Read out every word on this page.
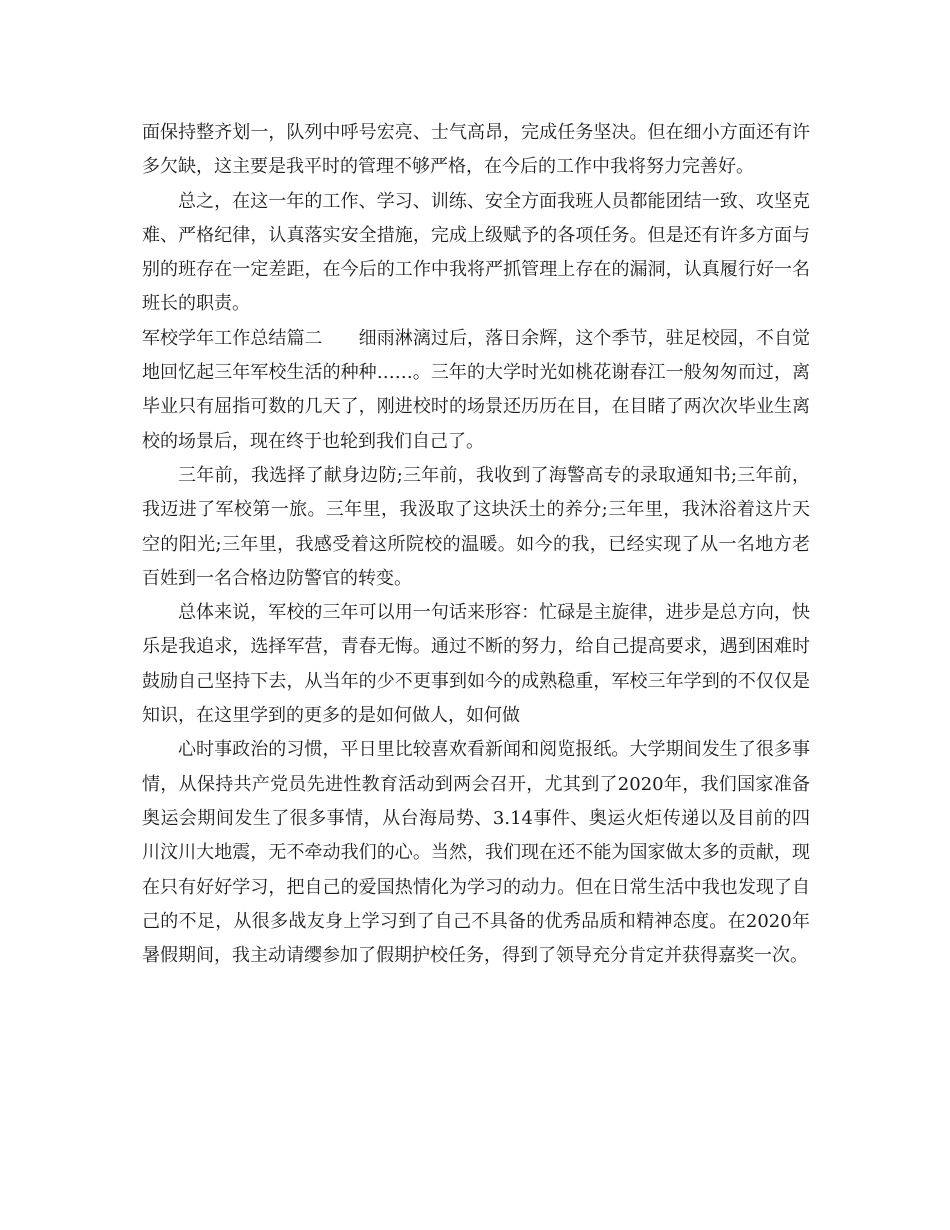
面保持整齐划一，队列中呼号宏亮、士气高昂，完成任务坚决。但在细小方面还有许多欠缺，这主要是我平时的管理不够严格，在今后的工作中我将努力完善好。

总之，在这一年的工作、学习、训练、安全方面我班人员都能团结一致、攻坚克难、严格纪律，认真落实安全措施，完成上级赋予的各项任务。但是还有许多方面与别的班存在一定差距，在今后的工作中我将严抓管理上存在的漏洞，认真履行好一名班长的职责。

军校学年工作总结篇二　　细雨淋漓过后，落日余辉，这个季节，驻足校园，不自觉地回忆起三年军校生活的种种……。三年的大学时光如桃花谢春江一般匆匆而过，离毕业只有屈指可数的几天了，刚进校时的场景还历历在目，在目睹了两次次毕业生离校的场景后，现在终于也轮到我们自己了。

三年前，我选择了献身边防;三年前，我收到了海警高专的录取通知书;三年前，我迈进了军校第一旅。三年里，我汲取了这块沃土的养分;三年里，我沐浴着这片天空的阳光;三年里，我感受着这所院校的温暖。如今的我，已经实现了从一名地方老百姓到一名合格边防警官的转变。

总体来说，军校的三年可以用一句话来形容：忙碌是主旋律，进步是总方向，快乐是我追求，选择军营，青春无悔。通过不断的努力，给自己提高要求，遇到困难时鼓励自己坚持下去，从当年的少不更事到如今的成熟稳重，军校三年学到的不仅仅是知识，在这里学到的更多的是如何做人，如何做

心时事政治的习惯，平日里比较喜欢看新闻和阅览报纸。大学期间发生了很多事情，从保持共产党员先进性教育活动到两会召开，尤其到了2020年，我们国家准备奥运会期间发生了很多事情，从台海局势、3.14事件、奥运火炬传递以及目前的四川汶川大地震，无不牵动我们的心。当然，我们现在还不能为国家做太多的贡献，现在只有好好学习，把自己的爱国热情化为学习的动力。但在日常生活中我也发现了自己的不足，从很多战友身上学习到了自己不具备的优秀品质和精神态度。在2020年暑假期间，我主动请缨参加了假期护校任务，得到了领导充分肯定并获得嘉奖一次。
